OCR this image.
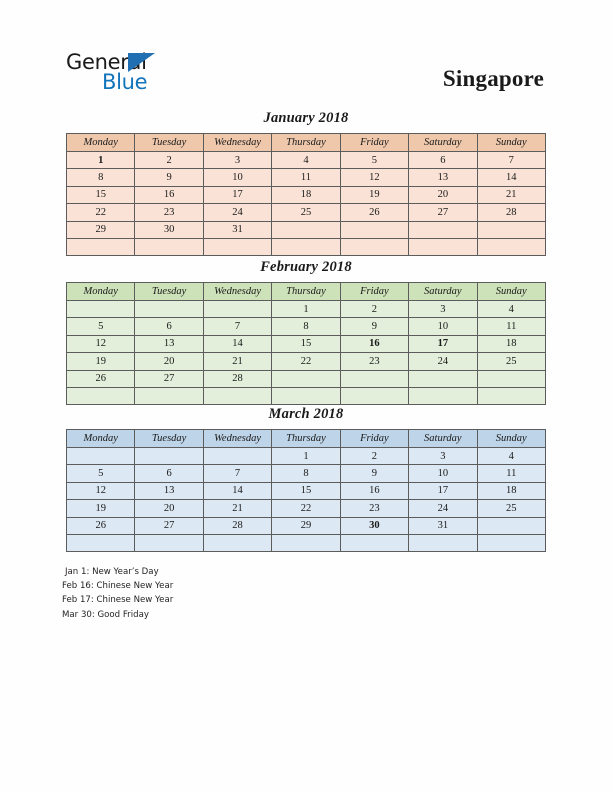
General
Blue	Singapore
January 2018
Monday	Tuesday	Wednesday	Thursday	Friday	Saturday	Sunday
1	2	3	4	5	6	7
8	9	10	11	12	13	14
15	16	17	18	19	20	21
22	23	24	25	26	27	28
29	30	31				

February 2018
Monday	Tuesday	Wednesday	Thursday	Friday	Saturday	Sunday
			1	2	3	4
5	6	7	8	9	10	11
12	13	14	15	16	17	18
19	20	21	22	23	24	25
26	27	28				

March 2018
Monday	Tuesday	Wednesday	Thursday	Friday	Saturday	Sunday
			1	2	3	4
5	6	7	8	9	10	11
12	13	14	15	16	17	18
19	20	21	22	23	24	25
26	27	28	29	30	31	

Jan 1: New Year’s Day
Feb 16: Chinese New Year
Feb 17: Chinese New Year
Mar 30: Good Friday
